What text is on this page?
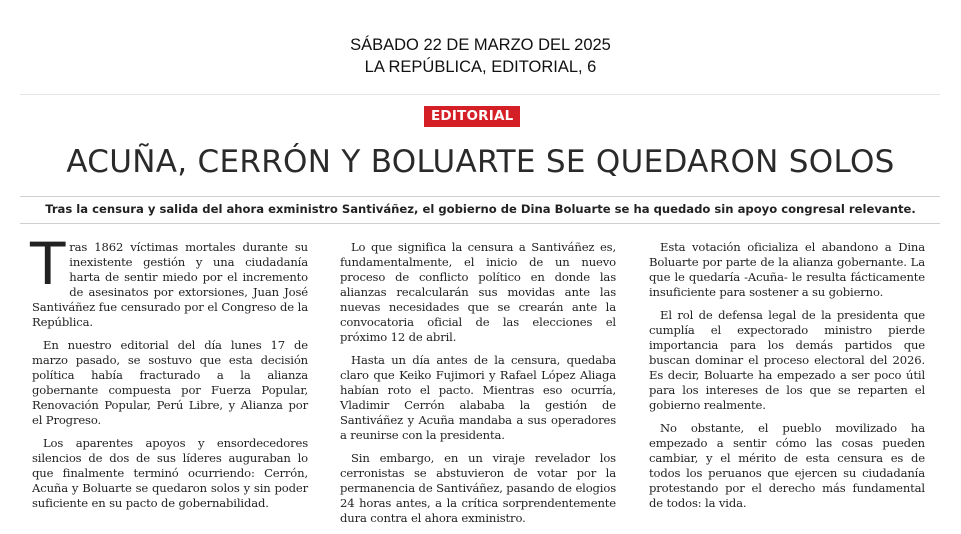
SÁBADO 22 DE MARZO DEL 2025
LA REPÚBLICA, EDITORIAL, 6
EDITORIAL
ACUÑA, CERRÓN Y BOLUARTE SE QUEDARON SOLOS
Tras la censura y salida del ahora exministro Santiváñez, el gobierno de Dina Boluarte se ha quedado sin apoyo congresal relevante.

Tras 1862 víctimas mortales durante su inexistente gestión y una ciudadanía harta de sentir miedo por el incremento de asesinatos por extorsiones, Juan José Santiváñez fue censurado por el Congreso de la República.

En nuestro editorial del día lunes 17 de marzo pasado, se sostuvo que esta decisión política había fracturado a la alianza gobernante compuesta por Fuerza Popular, Renovación Popular, Perú Libre, y Alianza por el Progreso.

Los aparentes apoyos y ensordecedores silencios de dos de sus líderes auguraban lo que finalmente terminó ocurriendo: Cerrón, Acuña y Boluarte se quedaron solos y sin poder suficiente en su pacto de gobernabilidad.

Lo que significa la censura a Santiváñez es, fundamentalmente, el inicio de un nuevo proceso de conflicto político en donde las alianzas recalcularán sus movidas ante las nuevas necesidades que se crearán ante la convocatoria oficial de las elecciones el próximo 12 de abril.

Hasta un día antes de la censura, quedaba claro que Keiko Fujimori y Rafael López Aliaga habían roto el pacto. Mientras eso ocurría, Vladimir Cerrón alababa la gestión de Santiváñez y Acuña mandaba a sus operadores a reunirse con la presidenta.

Sin embargo, en un viraje revelador los cerronistas se abstuvieron de votar por la permanencia de Santiváñez, pasando de elogios 24 horas antes, a la crítica sorprendentemente dura contra el ahora exministro.

Esta votación oficializa el abandono a Dina Boluarte por parte de la alianza gobernante. La que le quedaría -Acuña- le resulta fácticamente insuficiente para sostener a su gobierno.

El rol de defensa legal de la presidenta que cumplía el expectorado ministro pierde importancia para los demás partidos que buscan dominar el proceso electoral del 2026. Es decir, Boluarte ha empezado a ser poco útil para los intereses de los que se reparten el gobierno realmente.

No obstante, el pueblo movilizado ha empezado a sentir cómo las cosas pueden cambiar, y el mérito de esta censura es de todos los peruanos que ejercen su ciudadanía protestando por el derecho más fundamental de todos: la vida.
